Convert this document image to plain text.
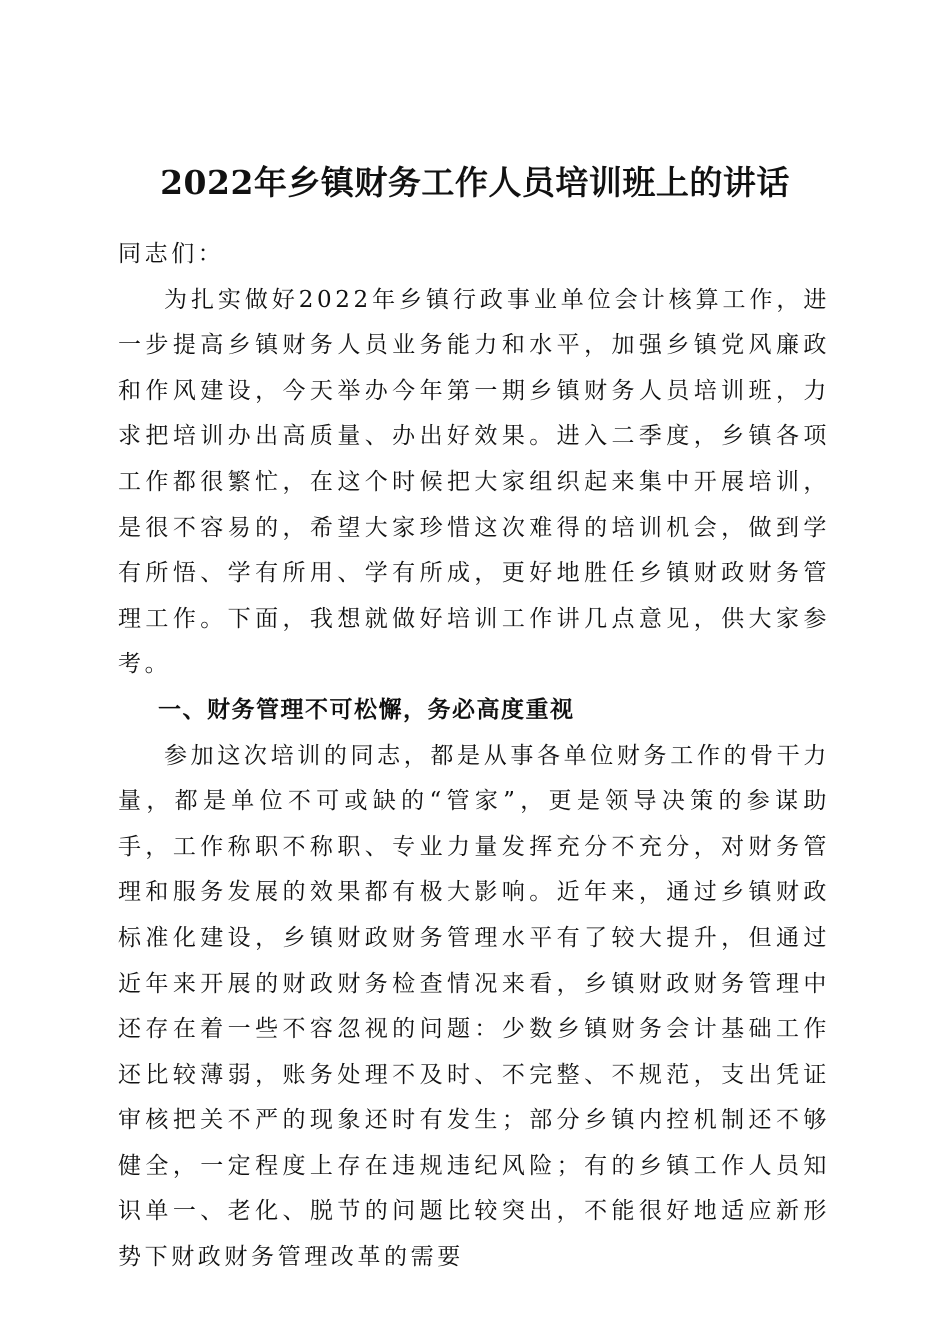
2022年乡镇财务工作人员培训班上的讲话

同志们：

为扎实做好2022年乡镇行政事业单位会计核算工作，进一步提高乡镇财务人员业务能力和水平，加强乡镇党风廉政和作风建设，今天举办今年第一期乡镇财务人员培训班，力求把培训办出高质量、办出好效果。进入二季度，乡镇各项工作都很繁忙，在这个时候把大家组织起来集中开展培训，是很不容易的，希望大家珍惜这次难得的培训机会，做到学有所悟、学有所用、学有所成，更好地胜任乡镇财政财务管理工作。下面，我想就做好培训工作讲几点意见，供大家参考。

一、财务管理不可松懈，务必高度重视

参加这次培训的同志，都是从事各单位财务工作的骨干力量，都是单位不可或缺的“管家”，更是领导决策的参谋助手，工作称职不称职、专业力量发挥充分不充分，对财务管理和服务发展的效果都有极大影响。近年来，通过乡镇财政标准化建设，乡镇财政财务管理水平有了较大提升，但通过近年来开展的财政财务检查情况来看，乡镇财政财务管理中还存在着一些不容忽视的问题：少数乡镇财务会计基础工作还比较薄弱，账务处理不及时、不完整、不规范，支出凭证审核把关不严的现象还时有发生；部分乡镇内控机制还不够健全，一定程度上存在违规违纪风险；有的乡镇工作人员知识单一、老化、脱节的问题比较突出，不能很好地适应新形势下财政财务管理改革的需要
